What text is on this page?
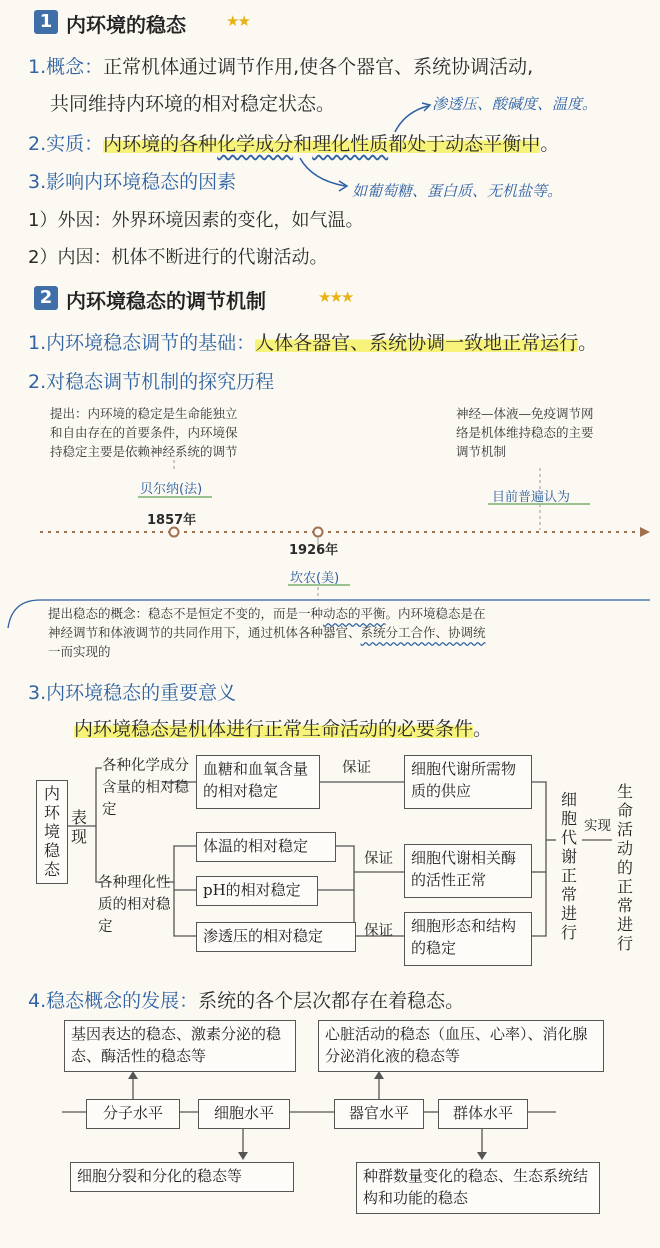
1 内环境的稳态	★★
1.概念：正常机体通过调节作用,使各个器官、系统协调活动,
共同维持内环境的相对稳定状态。	渗透压、酸碱度、温度。
2.实质：内环境的各种化学成分和理化性质都处于动态平衡中。
3.影响内环境稳态的因素	如葡萄糖、蛋白质、无机盐等。
1）外因：外界环境因素的变化，如气温。
2）内因：机体不断进行的代谢活动。
2 内环境稳态的调节机制	★★★
1.内环境稳态调节的基础：人体各器官、系统协调一致地正常运行。
2.对稳态调节机制的探究历程
提出：内环境的稳定是生命能独立
和自由存在的首要条件，内环境保
持稳定主要是依赖神经系统的调节
神经—体液—免疫调节网
络是机体维持稳态的主要
调节机制
贝尔纳(法)
1857年
目前普遍认为
1926年
坎农(美)
提出稳态的概念：稳态不是恒定不变的，而是一种动态的平衡。内环境稳态是在
神经调节和体液调节的共同作用下，通过机体各种器官、系统分工合作、协调统
一而实现的
3.内环境稳态的重要意义
内环境稳态是机体进行正常生命活动的必要条件。
内环境稳态
表现
各种化学成分含量的相对稳定
各种理化性质的相对稳定
血糖和血氧含量的相对稳定
体温的相对稳定
pH的相对稳定
渗透压的相对稳定
保证
保证
保证
细胞代谢所需物质的供应
细胞代谢相关酶的活性正常
细胞形态和结构的稳定
细胞代谢正常进行
实现
生命活动的正常进行
4.稳态概念的发展：系统的各个层次都存在着稳态。
基因表达的稳态、激素分泌的稳态、酶活性的稳态等
心脏活动的稳态（血压、心率）、消化腺分泌消化液的稳态等
分子水平	细胞水平	器官水平	群体水平
细胞分裂和分化的稳态等	种群数量变化的稳态、生态系统结构和功能的稳态
